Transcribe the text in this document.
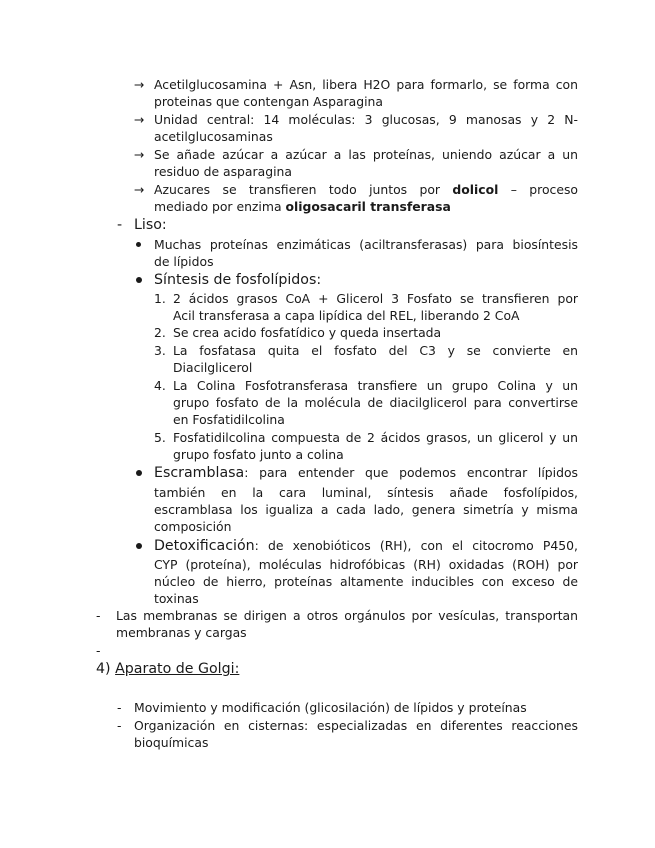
→ Acetilglucosamina + Asn, libera H2O para formarlo, se forma con
proteinas que contengan Asparagina
→ Unidad central: 14 moléculas: 3 glucosas, 9 manosas y 2 N-
acetilglucosaminas
→ Se añade azúcar a azúcar a las proteínas, uniendo azúcar a un
residuo de asparagina
→ Azucares se transfieren todo juntos por dolicol – proceso
mediado por enzima oligosacaril transferasa
- Liso:
Muchas proteínas enzimáticas (aciltransferasas) para biosíntesis
de lípidos
Síntesis de fosfolípidos:
1. 2 ácidos grasos CoA + Glicerol 3 Fosfato se transfieren por
Acil transferasa a capa lipídica del REL, liberando 2 CoA
2. Se crea acido fosfatídico y queda insertada
3. La fosfatasa quita el fosfato del C3 y se convierte en
Diacilglicerol
4. La Colina Fosfotransferasa transfiere un grupo Colina y un
grupo fosfato de la molécula de diacilglicerol para convertirse
en Fosfatidilcolina
5. Fosfatidilcolina compuesta de 2 ácidos grasos, un glicerol y un
grupo fosfato junto a colina
Escramblasa: para entender que podemos encontrar lípidos
también en la cara luminal, síntesis añade fosfolípidos,
escramblasa los igualiza a cada lado, genera simetría y misma
composición
Detoxificación: de xenobióticos (RH), con el citocromo P450,
CYP (proteína), moléculas hidrofóbicas (RH) oxidadas (ROH) por
núcleo de hierro, proteínas altamente inducibles con exceso de
toxinas
- Las membranas se dirigen a otros orgánulos por vesículas, transportan
membranas y cargas
-
4) Aparato de Golgi:
- Movimiento y modificación (glicosilación) de lípidos y proteínas
- Organización en cisternas: especializadas en diferentes reacciones
bioquímicas
